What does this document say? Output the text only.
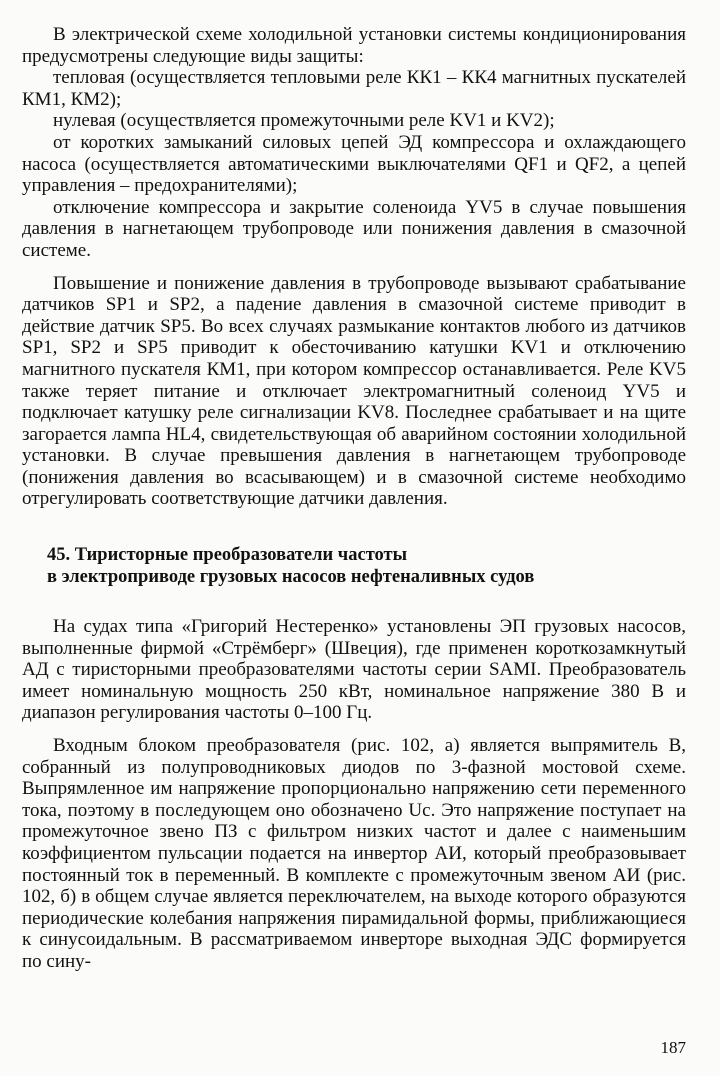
В электрической схеме холодильной установки системы кондиционирования предусмотрены следующие виды защиты:

тепловая (осуществляется тепловыми реле КК1 – КК4 магнитных пускателей КМ1, КМ2);

нулевая (осуществляется промежуточными реле KV1 и KV2);

от коротких замыканий силовых цепей ЭД компрессора и охлаждающего насоса (осуществляется автоматическими выключателями QF1 и QF2, а цепей управления – предохранителями);

отключение компрессора и закрытие соленоида YV5 в случае повышения давления в нагнетающем трубопроводе или понижения давления в смазочной системе.

Повышение и понижение давления в трубопроводе вызывают срабатывание датчиков SP1 и SP2, а падение давления в смазочной системе приводит в действие датчик SP5. Во всех случаях размыкание контактов любого из датчиков SP1, SP2 и SP5 приводит к обесточиванию катушки KV1 и отключению магнитного пускателя КМ1, при котором компрессор останавливается. Реле KV5 также теряет питание и отключает электромагнитный соленоид YV5 и подключает катушку реле сигнализации KV8. Последнее срабатывает и на щите загорается лампа HL4, свидетельствующая об аварийном состоянии холодильной установки. В случае превышения давления в нагнетающем трубопроводе (понижения давления во всасывающем) и в смазочной системе необходимо отрегулировать соответствующие датчики давления.

45. Тиристорные преобразователи частоты
в электроприводе грузовых насосов нефтеналивных судов

На судах типа «Григорий Нестеренко» установлены ЭП грузовых насосов, выполненные фирмой «Стрёмберг» (Швеция), где применен короткозамкнутый АД с тиристорными преобразователями частоты серии SAMI. Преобразователь имеет номинальную мощность 250 кВт, номинальное напряжение 380 В и диапазон регулирования частоты 0–100 Гц.

Входным блоком преобразователя (рис. 102, а) является выпрямитель В, собранный из полупроводниковых диодов по 3-фазной мостовой схеме. Выпрямленное им напряжение пропорционально напряжению сети переменного тока, поэтому в последующем оно обозначено Uc. Это напряжение поступает на промежуточное звено ПЗ с фильтром низких частот и далее с наименьшим коэффициентом пульсации подается на инвертор АИ, который преобразовывает постоянный ток в переменный. В комплекте с промежуточным звеном АИ (рис. 102, б) в общем случае является переключателем, на выходе которого образуются периодические колебания напряжения пирамидальной формы, приближающиеся к синусоидальным. В рассматриваемом инверторе выходная ЭДС формируется по сину-

187
